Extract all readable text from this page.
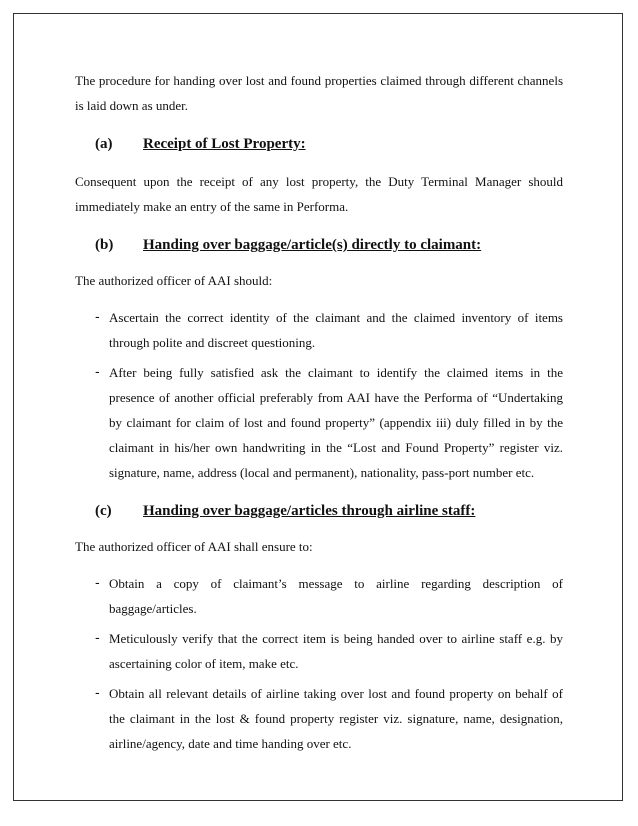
The procedure for handing over lost and found properties claimed through different channels is laid down as under.

(a)	Receipt of Lost Property:

Consequent upon the receipt of any lost property, the Duty Terminal Manager should immediately make an entry of the same in Performa.

(b)	Handing over baggage/article(s) directly to claimant:

The authorized officer of AAI should:

- Ascertain the correct identity of the claimant and the claimed inventory of items through polite and discreet questioning.
- After being fully satisfied ask the claimant to identify the claimed items in the presence of another official preferably from AAI have the Performa of “Undertaking by claimant for claim of lost and found property” (appendix iii) duly filled in by the claimant in his/her own handwriting in the “Lost and Found Property” register viz. signature, name, address (local and permanent), nationality, pass-port number etc.
(c)	Handing over baggage/articles through airline staff:

The authorized officer of AAI shall ensure to:

- Obtain a copy of claimant’s message to airline regarding description of baggage/articles.
- Meticulously verify that the correct item is being handed over to airline staff e.g. by ascertaining color of item, make etc.
- Obtain all relevant details of airline taking over lost and found property on behalf of the claimant in the lost & found property register viz. signature, name, designation, airline/agency, date and time handing over etc.
